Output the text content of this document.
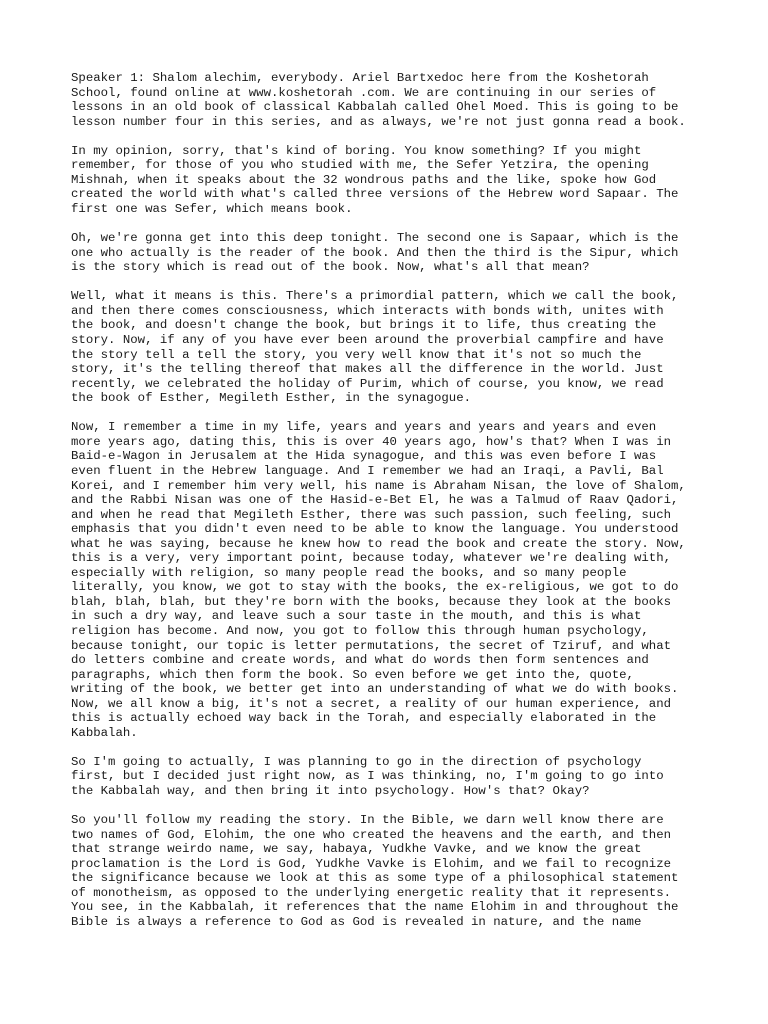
Speaker 1: Shalom alechim, everybody. Ariel Bartxedoc here from the Koshetorah
School, found online at www.koshetorah .com. We are continuing in our series of
lessons in an old book of classical Kabbalah called Ohel Moed. This is going to be
lesson number four in this series, and as always, we're not just gonna read a book.

In my opinion, sorry, that's kind of boring. You know something? If you might
remember, for those of you who studied with me, the Sefer Yetzira, the opening
Mishnah, when it speaks about the 32 wondrous paths and the like, spoke how God
created the world with what's called three versions of the Hebrew word Sapaar. The
first one was Sefer, which means book.

Oh, we're gonna get into this deep tonight. The second one is Sapaar, which is the
one who actually is the reader of the book. And then the third is the Sipur, which
is the story which is read out of the book. Now, what's all that mean?

Well, what it means is this. There's a primordial pattern, which we call the book,
and then there comes consciousness, which interacts with bonds with, unites with
the book, and doesn't change the book, but brings it to life, thus creating the
story. Now, if any of you have ever been around the proverbial campfire and have
the story tell a tell the story, you very well know that it's not so much the
story, it's the telling thereof that makes all the difference in the world. Just
recently, we celebrated the holiday of Purim, which of course, you know, we read
the book of Esther, Megileth Esther, in the synagogue.

Now, I remember a time in my life, years and years and years and years and even
more years ago, dating this, this is over 40 years ago, how's that? When I was in
Baid-e-Wagon in Jerusalem at the Hida synagogue, and this was even before I was
even fluent in the Hebrew language. And I remember we had an Iraqi, a Pavli, Bal
Korei, and I remember him very well, his name is Abraham Nisan, the love of Shalom,
and the Rabbi Nisan was one of the Hasid-e-Bet El, he was a Talmud of Raav Qadori,
and when he read that Megileth Esther, there was such passion, such feeling, such
emphasis that you didn't even need to be able to know the language. You understood
what he was saying, because he knew how to read the book and create the story. Now,
this is a very, very important point, because today, whatever we're dealing with,
especially with religion, so many people read the books, and so many people
literally, you know, we got to stay with the books, the ex-religious, we got to do
blah, blah, blah, but they're born with the books, because they look at the books
in such a dry way, and leave such a sour taste in the mouth, and this is what
religion has become. And now, you got to follow this through human psychology,
because tonight, our topic is letter permutations, the secret of Tziruf, and what
do letters combine and create words, and what do words then form sentences and
paragraphs, which then form the book. So even before we get into the, quote,
writing of the book, we better get into an understanding of what we do with books.
Now, we all know a big, it's not a secret, a reality of our human experience, and
this is actually echoed way back in the Torah, and especially elaborated in the
Kabbalah.

So I'm going to actually, I was planning to go in the direction of psychology
first, but I decided just right now, as I was thinking, no, I'm going to go into
the Kabbalah way, and then bring it into psychology. How's that? Okay?

So you'll follow my reading the story. In the Bible, we darn well know there are
two names of God, Elohim, the one who created the heavens and the earth, and then
that strange weirdo name, we say, habaya, Yudkhe Vavke, and we know the great
proclamation is the Lord is God, Yudkhe Vavke is Elohim, and we fail to recognize
the significance because we look at this as some type of a philosophical statement
of monotheism, as opposed to the underlying energetic reality that it represents.
You see, in the Kabbalah, it references that the name Elohim in and throughout the
Bible is always a reference to God as God is revealed in nature, and the name
